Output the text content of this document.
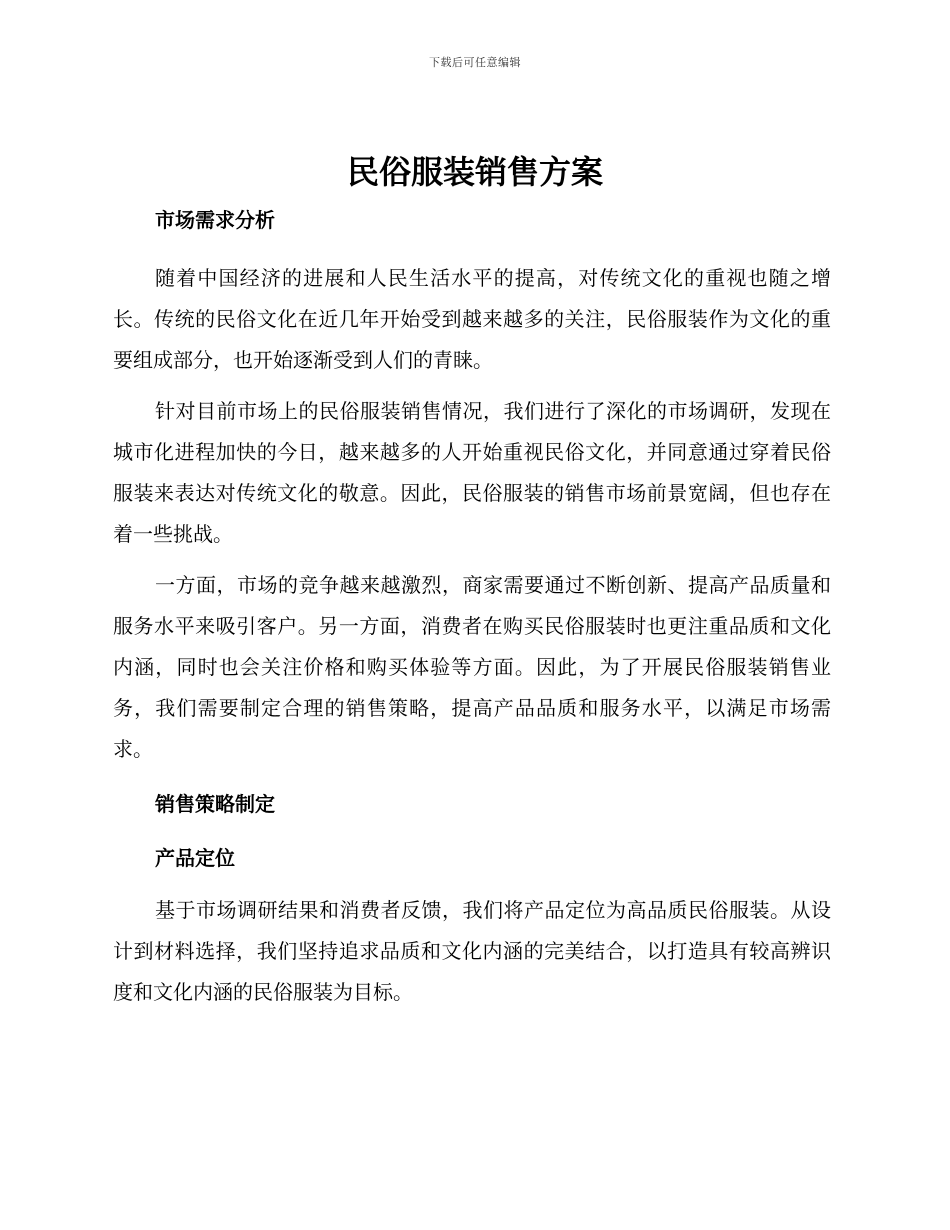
下载后可任意编辑
民俗服装销售方案
市场需求分析

随着中国经济的进展和人民生活水平的提高，对传统文化的重视也随之增长。传统的民俗文化在近几年开始受到越来越多的关注，民俗服装作为文化的重要组成部分，也开始逐渐受到人们的青睐。

针对目前市场上的民俗服装销售情况，我们进行了深化的市场调研，发现在城市化进程加快的今日，越来越多的人开始重视民俗文化，并同意通过穿着民俗服装来表达对传统文化的敬意。因此，民俗服装的销售市场前景宽阔，但也存在着一些挑战。

一方面，市场的竞争越来越激烈，商家需要通过不断创新、提高产品质量和服务水平来吸引客户。另一方面，消费者在购买民俗服装时也更注重品质和文化内涵，同时也会关注价格和购买体验等方面。因此，为了开展民俗服装销售业务，我们需要制定合理的销售策略，提高产品品质和服务水平，以满足市场需求。

销售策略制定
产品定位

基于市场调研结果和消费者反馈，我们将产品定位为高品质民俗服装。从设计到材料选择，我们坚持追求品质和文化内涵的完美结合，以打造具有较高辨识度和文化内涵的民俗服装为目标。
